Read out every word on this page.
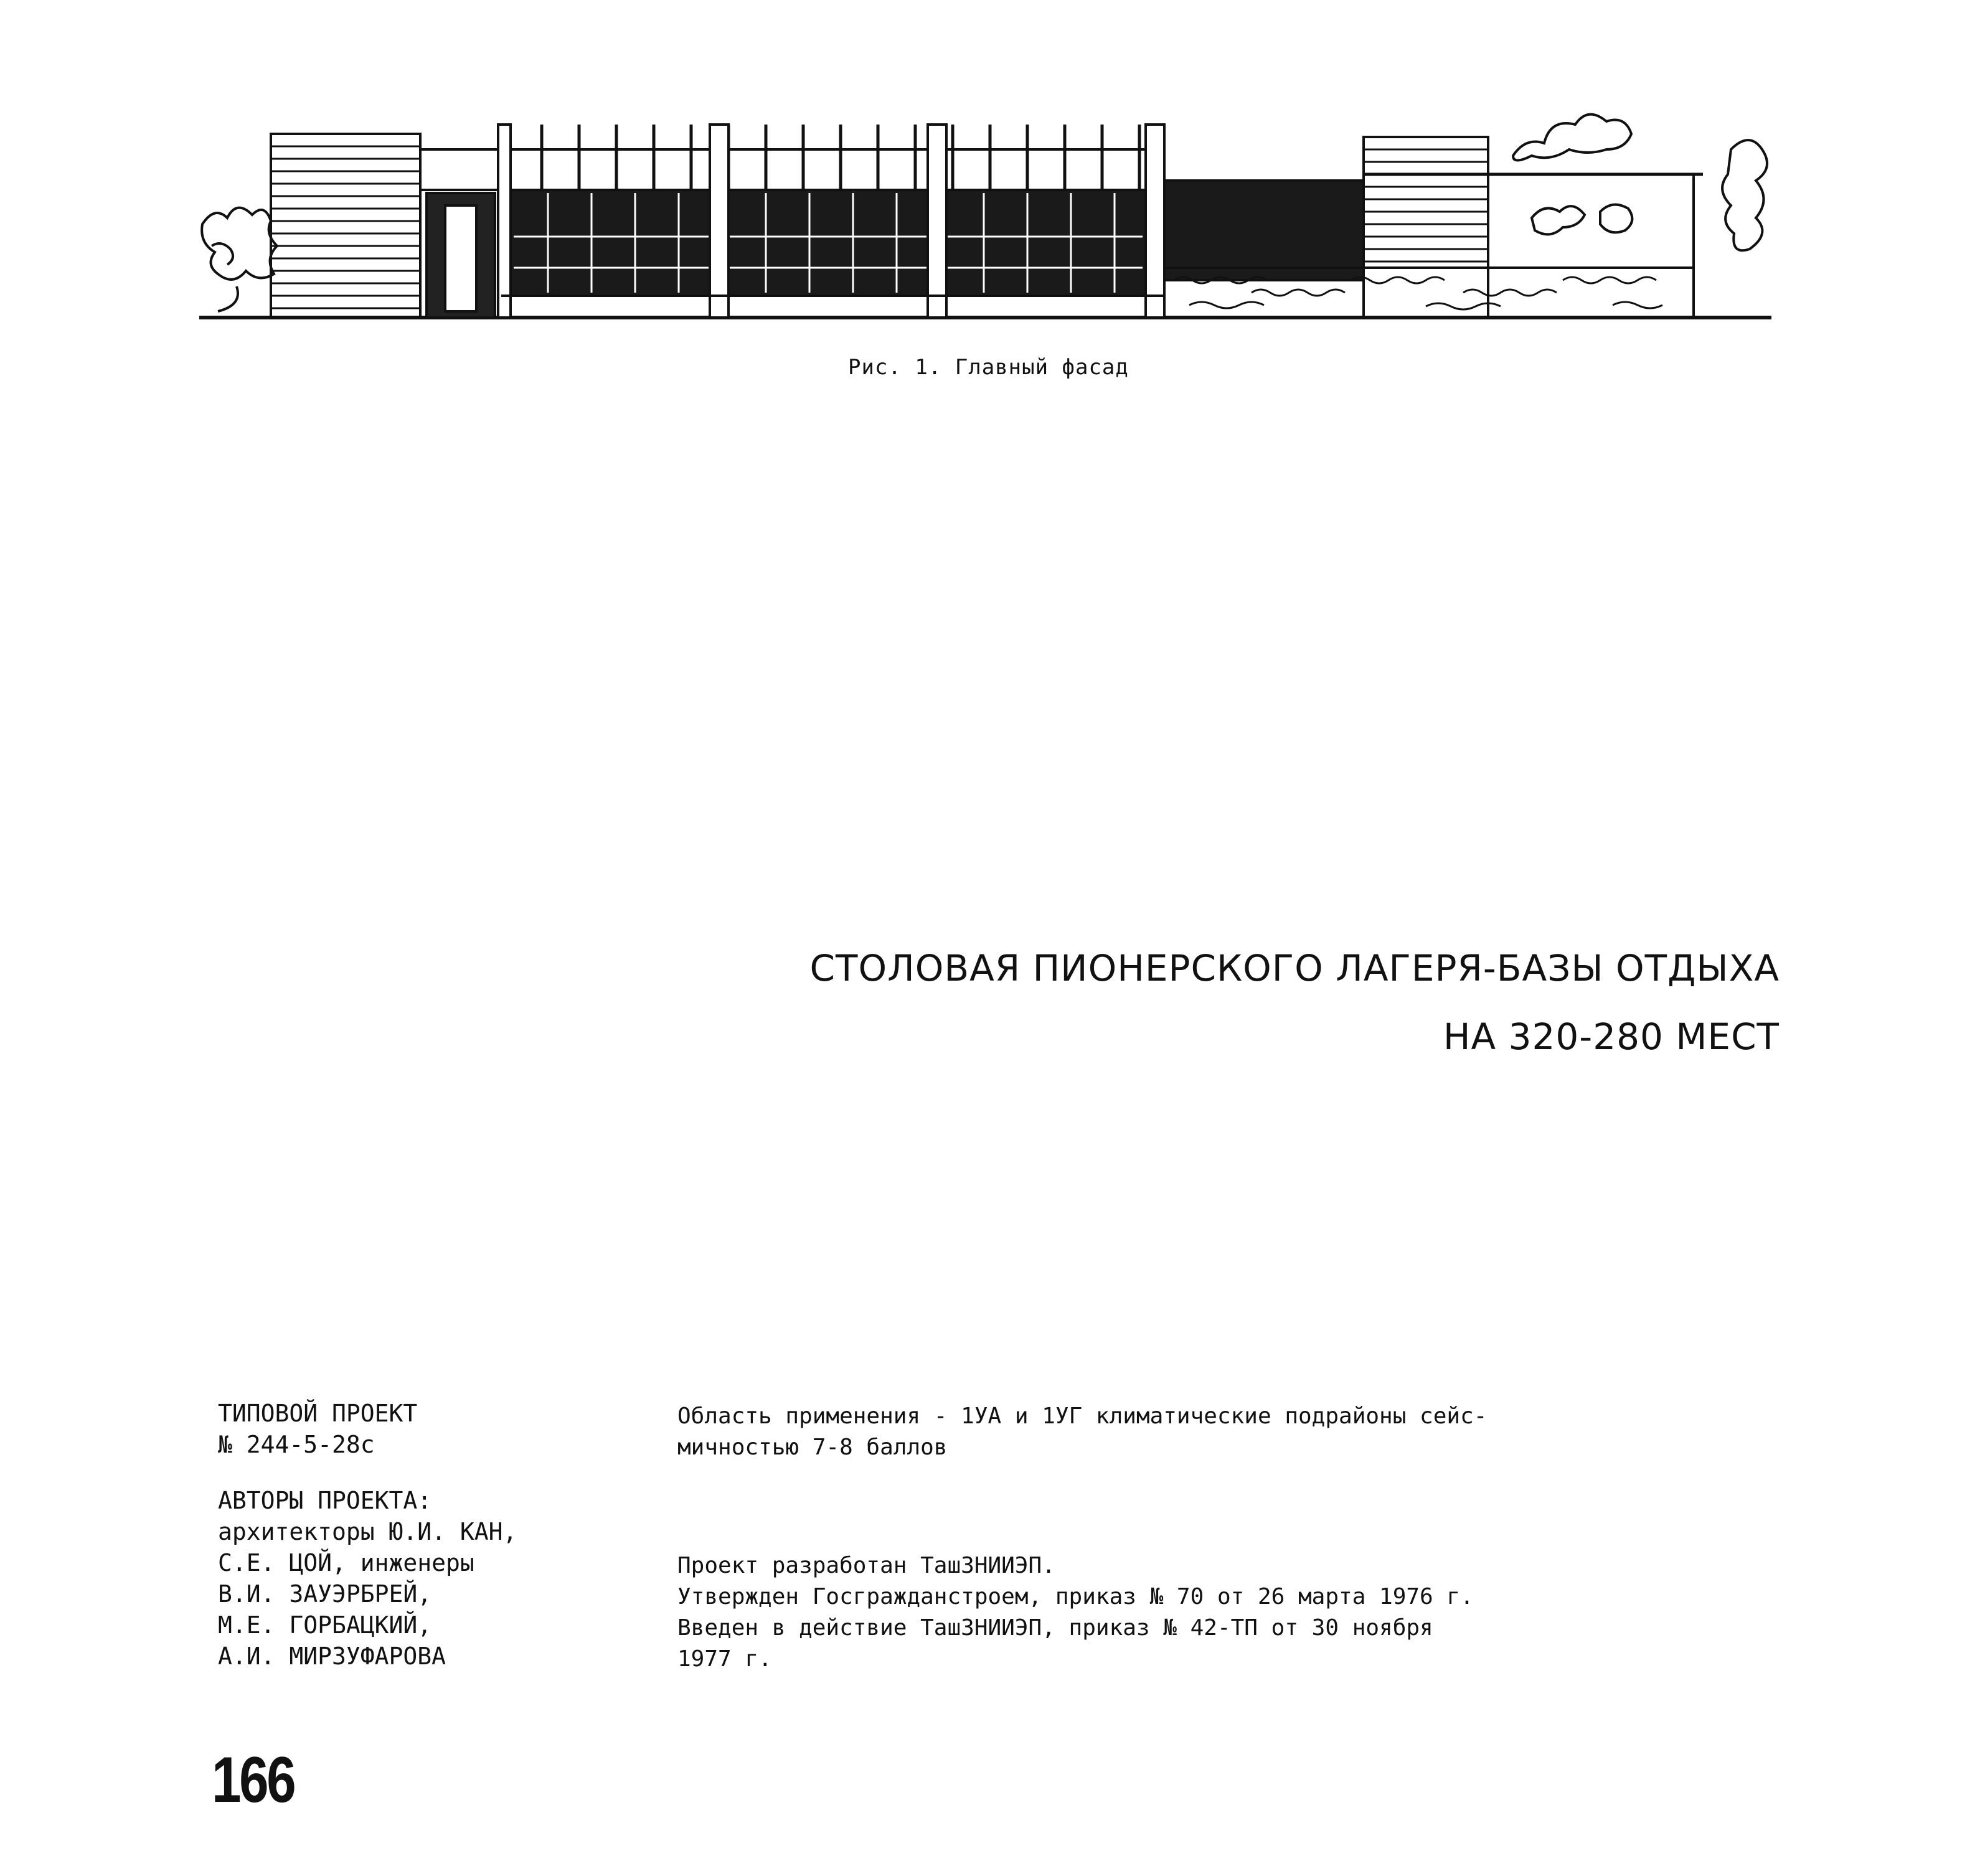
Рис. 1. Главный фасад
СТОЛОВАЯ ПИОНЕРСКОГО ЛАГЕРЯ-БАЗЫ ОТДЫХА
НА 320-280 МЕСТ
ТИПОВОЙ ПРОЕКТ
№ 244-5-28с
АВТОРЫ ПРОЕКТА:
архитекторы Ю.И. КАН,
С.Е. ЦОЙ, инженеры
В.И. ЗАУЭРБРЕЙ,
М.Е. ГОРБАЦКИЙ,
А.И. МИРЗУФАРОВА
Область применения - 1УА и 1УГ климатические подрайоны сейс-
мичностью 7-8 баллов
Проект разработан ТашЗНИИЭП.
Утвержден Госгражданстроем, приказ № 70 от 26 марта 1976 г.
Введен в действие ТашЗНИИЭП, приказ № 42-ТП от 30 ноября
1977 г.
166
